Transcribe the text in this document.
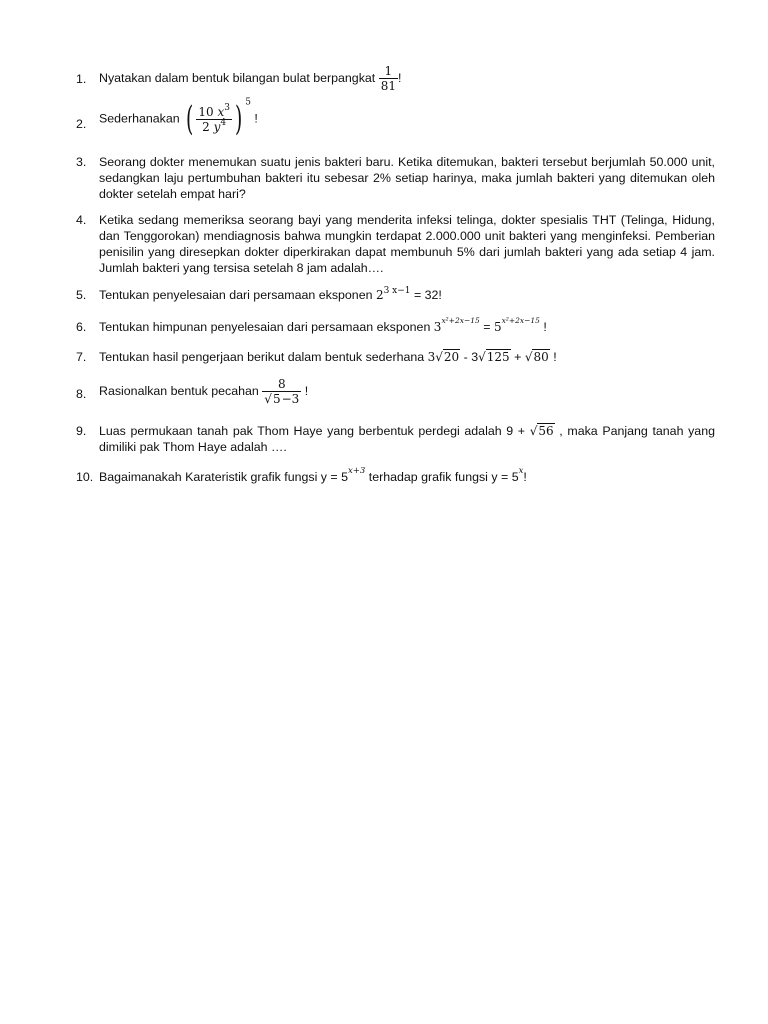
1. Nyatakan dalam bentuk bilangan bulat berpangkat $\frac{1}{81}$ !
2. Sederhanakan ( $\frac{10 x^3}{2 y^4}$ ) $^5$ !
3. Seorang dokter menemukan suatu jenis bakteri baru. Ketika ditemukan, bakteri tersebut berjumlah 50.000 unit, sedangkan laju pertumbuhan bakteri itu sebesar 2% setiap harinya, maka jumlah bakteri yang ditemukan oleh dokter setelah empat hari?
4. Ketika sedang memeriksa seorang bayi yang menderita infeksi telinga, dokter spesialis THT (Telinga, Hidung, dan Tenggorokan) mendiagnosis bahwa mungkin terdapat 2.000.000 unit bakteri yang menginfeksi. Pemberian penisilin yang diresepkan dokter diperkirakan dapat membunuh 5% dari jumlah bakteri yang ada setiap 4 jam. Jumlah bakteri yang tersisa setelah 8 jam adalah….
5. Tentukan penyelesaian dari persamaan eksponen $2^{3 x-1} = 32$!
6. Tentukan himpunan penyelesaian dari persamaan eksponen $3^{x^2+2x-15} = 5^{x^2+2x-15}$ !
7. Tentukan hasil pengerjaan berikut dalam bentuk sederhana 3√20 - 3√125 + √80 !
8. Rasionalkan bentuk pecahan $\frac{8}{√5-3}$ !
9. Luas permukaan tanah pak Thom Haye yang berbentuk perdegi adalah 9 + √56 , maka Panjang tanah yang dimiliki pak Thom Haye adalah ….
10. Bagaimanakah Karateristik grafik fungsi $y = 5^{x+3}$ terhadap grafik fungsi $y = 5^x$!
